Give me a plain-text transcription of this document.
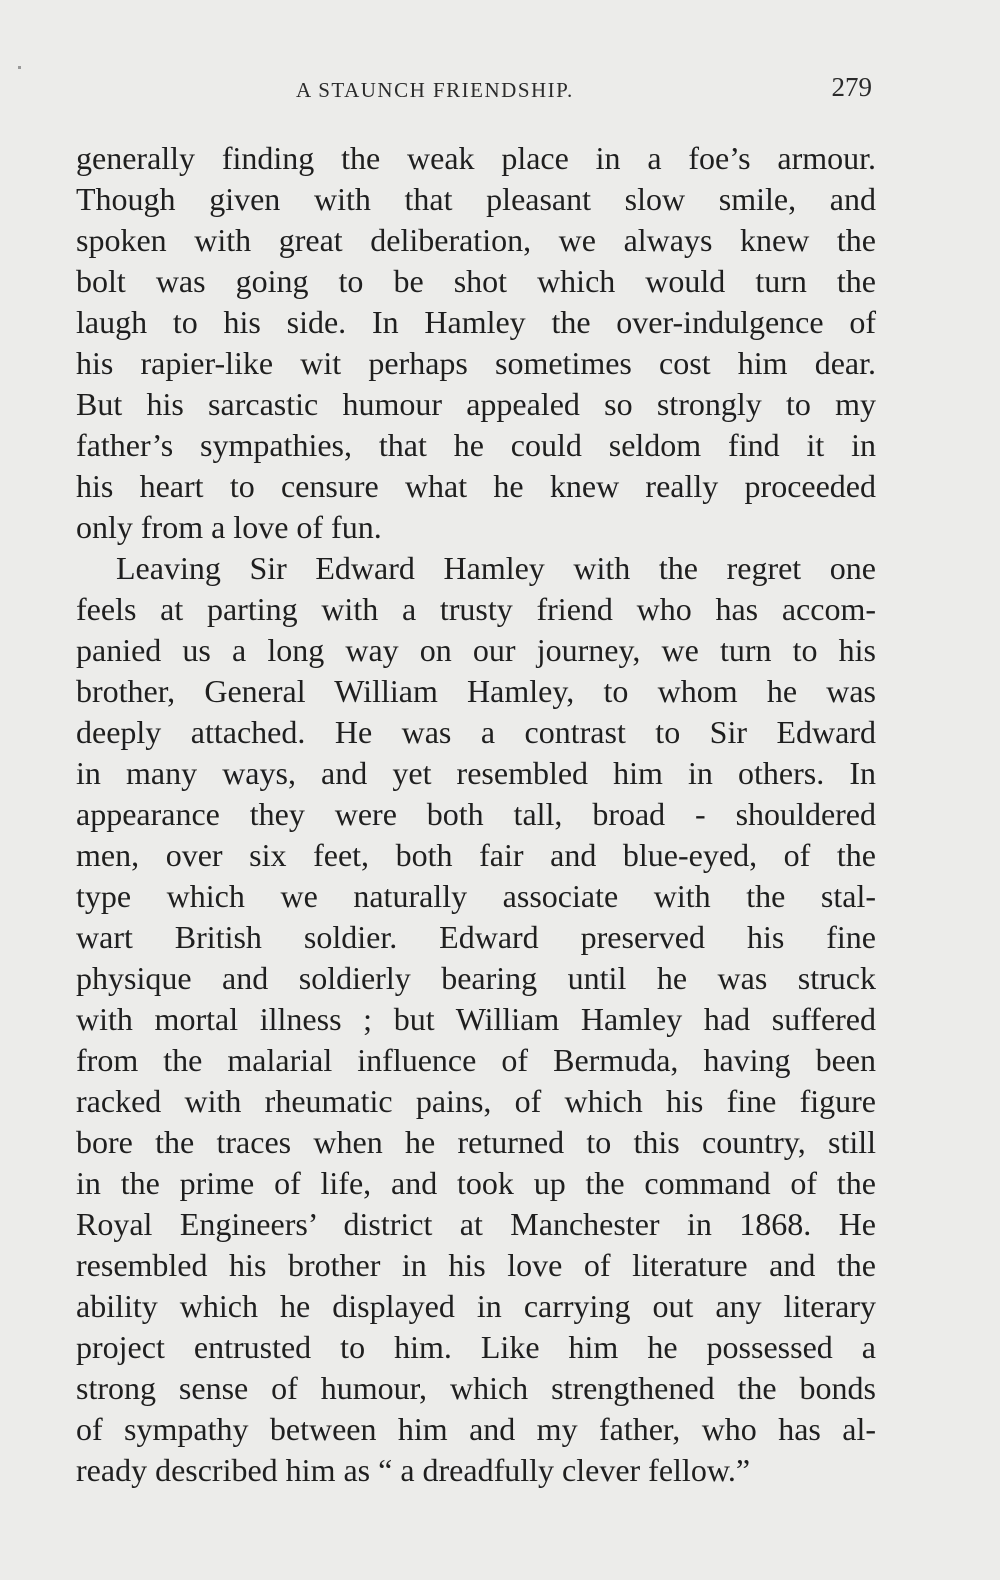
A STAUNCH FRIENDSHIP.	279
generally finding the weak place in a foe’s armour.
Though given with that pleasant slow smile, and
spoken with great deliberation, we always knew the
bolt was going to be shot which would turn the
laugh to his side. In Hamley the over-indulgence of
his rapier-like wit perhaps sometimes cost him dear.
But his sarcastic humour appealed so strongly to my
father’s sympathies, that he could seldom find it in
his heart to censure what he knew really proceeded
only from a love of fun.
Leaving Sir Edward Hamley with the regret one
feels at parting with a trusty friend who has accom-
panied us a long way on our journey, we turn to his
brother, General William Hamley, to whom he was
deeply attached. He was a contrast to Sir Edward
in many ways, and yet resembled him in others. In
appearance they were both tall, broad - shouldered
men, over six feet, both fair and blue-eyed, of the
type which we naturally associate with the stal-
wart British soldier. Edward preserved his fine
physique and soldierly bearing until he was struck
with mortal illness ; but William Hamley had suffered
from the malarial influence of Bermuda, having been
racked with rheumatic pains, of which his fine figure
bore the traces when he returned to this country, still
in the prime of life, and took up the command of the
Royal Engineers’ district at Manchester in 1868. He
resembled his brother in his love of literature and the
ability which he displayed in carrying out any literary
project entrusted to him. Like him he possessed a
strong sense of humour, which strengthened the bonds
of sympathy between him and my father, who has al-
ready described him as “ a dreadfully clever fellow.”
